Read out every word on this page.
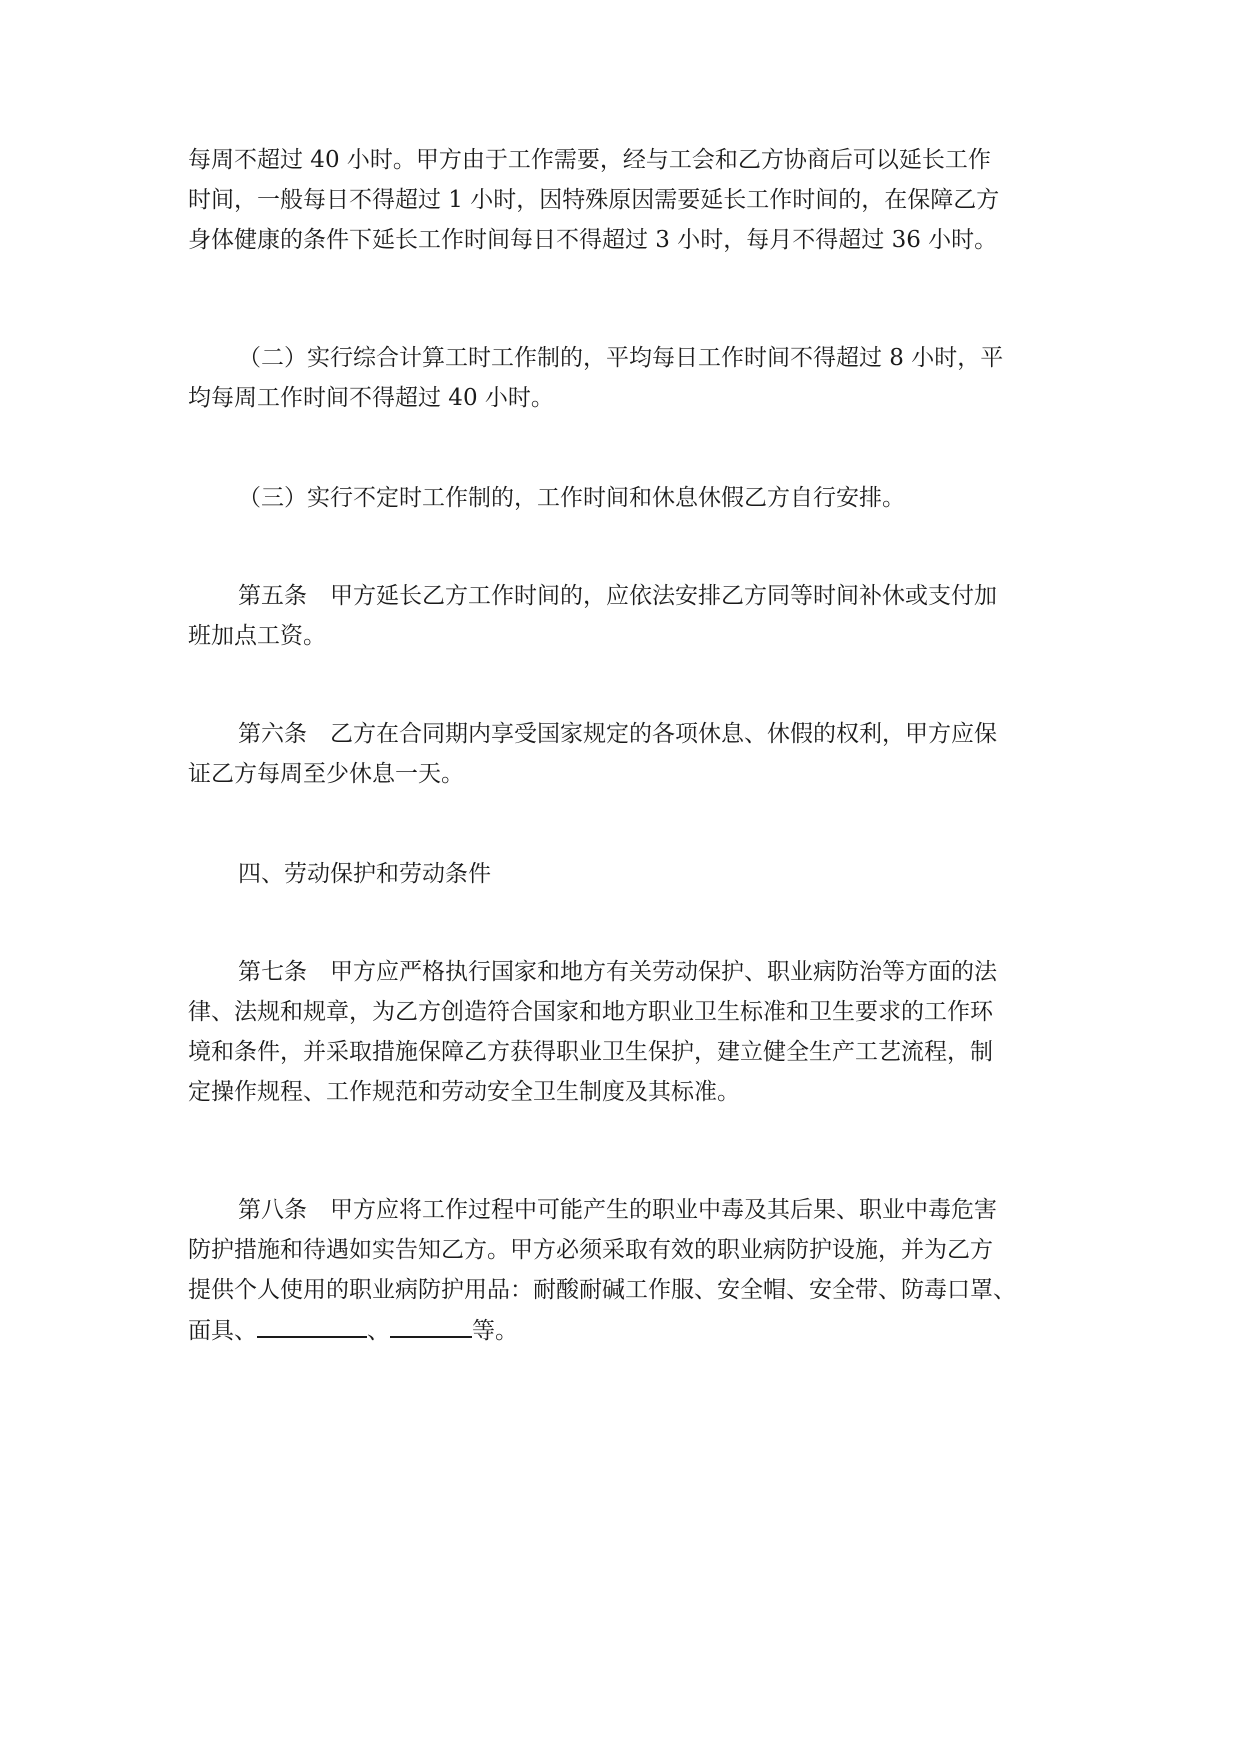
每周不超过 40 小时。甲方由于工作需要，经与工会和乙方协商后可以延长工作
时间，一般每日不得超过 1 小时，因特殊原因需要延长工作时间的，在保障乙方
身体健康的条件下延长工作时间每日不得超过 3 小时，每月不得超过 36 小时。
（二）实行综合计算工时工作制的，平均每日工作时间不得超过 8 小时，平
均每周工作时间不得超过 40 小时。
（三）实行不定时工作制的，工作时间和休息休假乙方自行安排。
第五条　甲方延长乙方工作时间的，应依法安排乙方同等时间补休或支付加
班加点工资。
第六条　乙方在合同期内享受国家规定的各项休息、休假的权利，甲方应保
证乙方每周至少休息一天。
四、劳动保护和劳动条件
第七条　甲方应严格执行国家和地方有关劳动保护、职业病防治等方面的法
律、法规和规章，为乙方创造符合国家和地方职业卫生标准和卫生要求的工作环
境和条件，并采取措施保障乙方获得职业卫生保护，建立健全生产工艺流程，制
定操作规程、工作规范和劳动安全卫生制度及其标准。
第八条　甲方应将工作过程中可能产生的职业中毒及其后果、职业中毒危害
防护措施和待遇如实告知乙方。甲方必须采取有效的职业病防护设施，并为乙方
提供个人使用的职业病防护用品：耐酸耐碱工作服、安全帽、安全带、防毒口罩、
面具、	、	等。
